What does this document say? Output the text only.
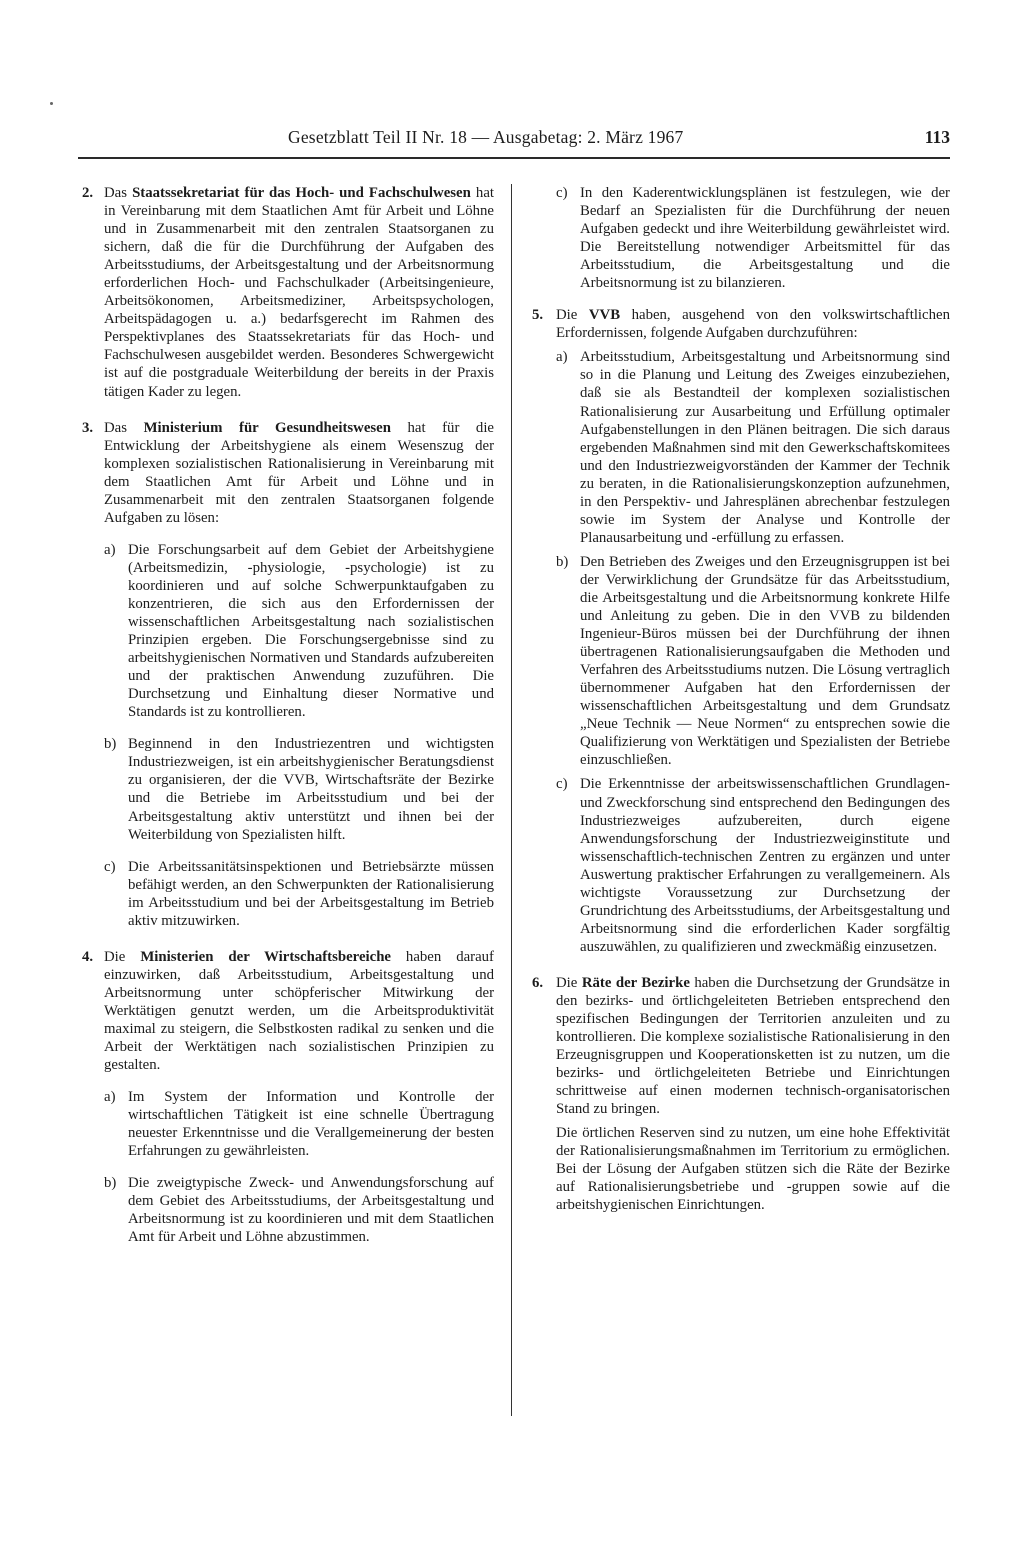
Gesetzblatt Teil II Nr. 18 — Ausgabetag: 2. März 1967	113
2. Das Staatssekretariat für das Hoch- und Fachschulwesen hat in Vereinbarung mit dem Staatlichen Amt für Arbeit und Löhne und in Zusammenarbeit mit den zentralen Staatsorganen zu sichern, daß die für die Durchführung der Aufgaben des Arbeitsstudiums, der Arbeitsgestaltung und der Arbeitsnormung erforderlichen Hoch- und Fachschulkader (Arbeitsingenieure, Arbeitsökonomen, Arbeitsmediziner, Arbeitspsychologen, Arbeitspädagogen u. a.) bedarfsgerecht im Rahmen des Perspektivplanes des Staatssekretariats für das Hoch- und Fachschulwesen ausgebildet werden. Besonderes Schwergewicht ist auf die postgraduale Weiterbildung der bereits in der Praxis tätigen Kader zu legen.

3. Das Ministerium für Gesundheitswesen hat für die Entwicklung der Arbeitshygiene als einem Wesenszug der komplexen sozialistischen Rationalisierung in Vereinbarung mit dem Staatlichen Amt für Arbeit und Löhne und in Zusammenarbeit mit den zentralen Staatsorganen folgende Aufgaben zu lösen:

a) Die Forschungsarbeit auf dem Gebiet der Arbeitshygiene (Arbeitsmedizin, -physiologie, -psychologie) ist zu koordinieren und auf solche Schwerpunktaufgaben zu konzentrieren, die sich aus den Erfordernissen der wissenschaftlichen Arbeitsgestaltung nach sozialistischen Prinzipien ergeben. Die Forschungsergebnisse sind zu arbeitshygienischen Normativen und Standards aufzubereiten und der praktischen Anwendung zuzuführen. Die Durchsetzung und Einhaltung dieser Normative und Standards ist zu kontrollieren.

b) Beginnend in den Industriezentren und wichtigsten Industriezweigen, ist ein arbeitshygienischer Beratungsdienst zu organisieren, der die VVB, Wirtschaftsräte der Bezirke und die Betriebe im Arbeitsstudium und bei der Arbeitsgestaltung aktiv unterstützt und ihnen bei der Weiterbildung von Spezialisten hilft.

c) Die Arbeitssanitätsinspektionen und Betriebsärzte müssen befähigt werden, an den Schwerpunkten der Rationalisierung im Arbeitsstudium und bei der Arbeitsgestaltung im Betrieb aktiv mitzuwirken.

4. Die Ministerien der Wirtschaftsbereiche haben darauf einzuwirken, daß Arbeitsstudium, Arbeitsgestaltung und Arbeitsnormung unter schöpferischer Mitwirkung der Werktätigen genutzt werden, um die Arbeitsproduktivität maximal zu steigern, die Selbstkosten radikal zu senken und die Arbeit der Werktätigen nach sozialistischen Prinzipien zu gestalten.

a) Im System der Information und Kontrolle der wirtschaftlichen Tätigkeit ist eine schnelle Übertragung neuester Erkenntnisse und die Verallgemeinerung der besten Erfahrungen zu gewährleisten.

b) Die zweigtypische Zweck- und Anwendungsforschung auf dem Gebiet des Arbeitsstudiums, der Arbeitsgestaltung und Arbeitsnormung ist zu koordinieren und mit dem Staatlichen Amt für Arbeit und Löhne abzustimmen.

c) In den Kaderentwicklungsplänen ist festzulegen, wie der Bedarf an Spezialisten für die Durchführung der neuen Aufgaben gedeckt und ihre Weiterbildung gewährleistet wird. Die Bereitstellung notwendiger Arbeitsmittel für das Arbeitsstudium, die Arbeitsgestaltung und die Arbeitsnormung ist zu bilanzieren.

5. Die VVB haben, ausgehend von den volkswirtschaftlichen Erfordernissen, folgende Aufgaben durchzuführen:

a) Arbeitsstudium, Arbeitsgestaltung und Arbeitsnormung sind so in die Planung und Leitung des Zweiges einzubeziehen, daß sie als Bestandteil der komplexen sozialistischen Rationalisierung zur Ausarbeitung und Erfüllung optimaler Aufgabenstellungen in den Plänen beitragen. Die sich daraus ergebenden Maßnahmen sind mit den Gewerkschaftskomitees und den Industriezweigvorständen der Kammer der Technik zu beraten, in die Rationalisierungskonzeption aufzunehmen, in den Perspektiv- und Jahresplänen abrechenbar festzulegen sowie im System der Analyse und Kontrolle der Planausarbeitung und -erfüllung zu erfassen.

b) Den Betrieben des Zweiges und den Erzeugnisgruppen ist bei der Verwirklichung der Grundsätze für das Arbeitsstudium, die Arbeitsgestaltung und die Arbeitsnormung konkrete Hilfe und Anleitung zu geben. Die in den VVB zu bildenden Ingenieur-Büros müssen bei der Durchführung der ihnen übertragenen Rationalisierungsaufgaben die Methoden und Verfahren des Arbeitsstudiums nutzen. Die Lösung vertraglich übernommener Aufgaben hat den Erfordernissen der wissenschaftlichen Arbeitsgestaltung und dem Grundsatz „Neue Technik — Neue Normen“ zu entsprechen sowie die Qualifizierung von Werktätigen und Spezialisten der Betriebe einzuschließen.

c) Die Erkenntnisse der arbeitswissenschaftlichen Grundlagen- und Zweckforschung sind entsprechend den Bedingungen des Industriezweiges aufzubereiten, durch eigene Anwendungsforschung der Industriezweiginstitute und wissenschaftlich-technischen Zentren zu ergänzen und unter Auswertung praktischer Erfahrungen zu verallgemeinern. Als wichtigste Voraussetzung zur Durchsetzung der Grundrichtung des Arbeitsstudiums, der Arbeitsgestaltung und Arbeitsnormung sind die erforderlichen Kader sorgfältig auszuwählen, zu qualifizieren und zweckmäßig einzusetzen.

6. Die Räte der Bezirke haben die Durchsetzung der Grundsätze in den bezirks- und örtlichgeleiteten Betrieben entsprechend den spezifischen Bedingungen der Territorien anzuleiten und zu kontrollieren. Die komplexe sozialistische Rationalisierung in den Erzeugnisgruppen und Kooperationsketten ist zu nutzen, um die bezirks- und örtlichgeleiteten Betriebe und Einrichtungen schrittweise auf einen modernen technisch-organisatorischen Stand zu bringen.

Die örtlichen Reserven sind zu nutzen, um eine hohe Effektivität der Rationalisierungsmaßnahmen im Territorium zu ermöglichen. Bei der Lösung der Aufgaben stützen sich die Räte der Bezirke auf Rationalisierungsbetriebe und -gruppen sowie auf die arbeitshygienischen Einrichtungen.
